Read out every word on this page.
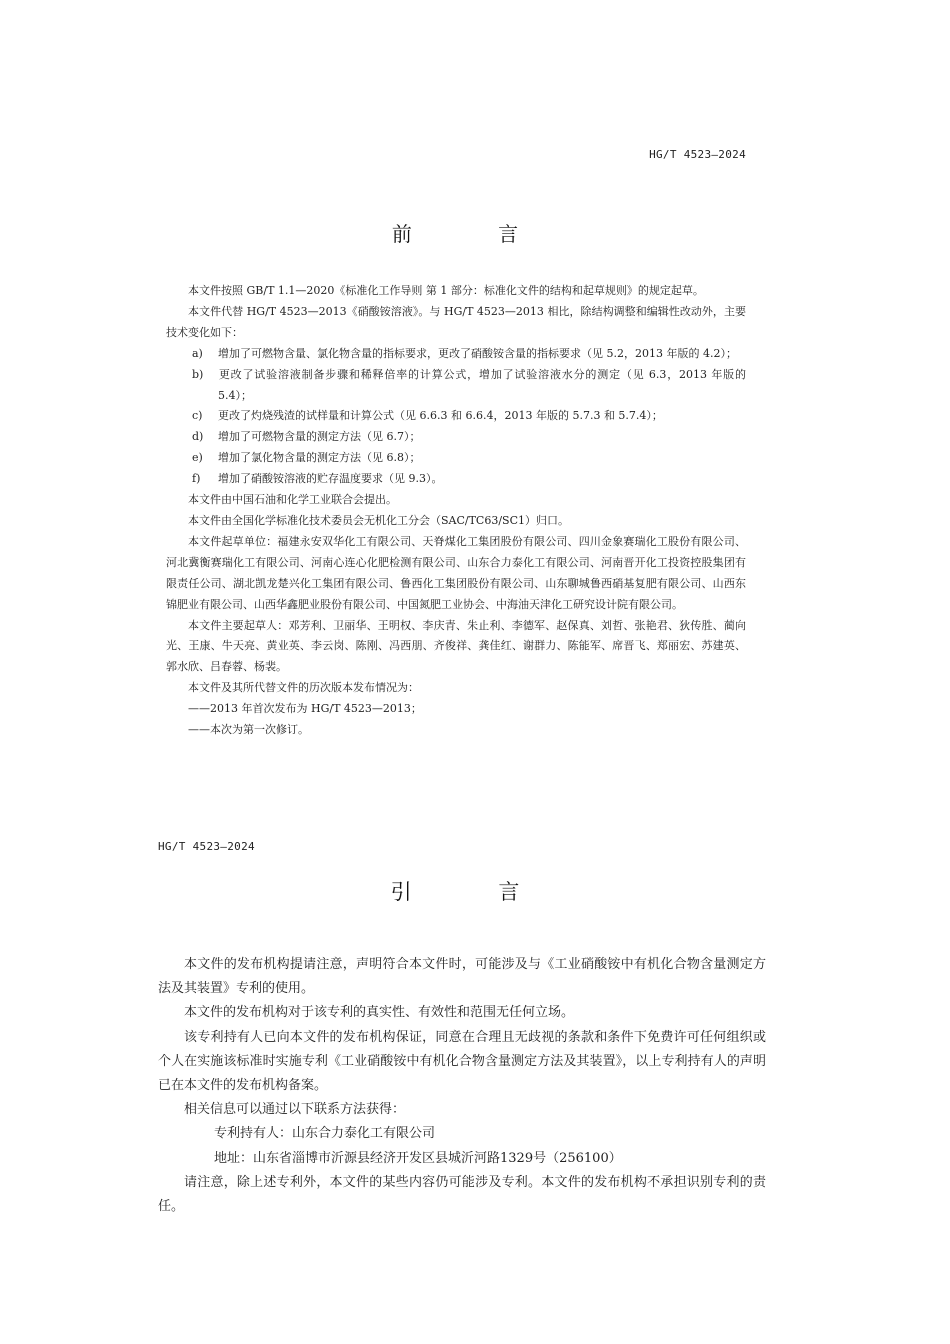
HG/T 4523—2024
前 言

本文件按照 GB/T 1.1—2020《标准化工作导则 第 1 部分：标准化文件的结构和起草规则》的规定起草。

本文件代替 HG/T 4523—2013《硝酸铵溶液》。与 HG/T 4523—2013 相比，除结构调整和编辑性改动外，主要技术变化如下：

a) 增加了可燃物含量、氯化物含量的指标要求，更改了硝酸铵含量的指标要求（见 5.2，2013 年版的 4.2）；

b) 更改了试验溶液制备步骤和稀释倍率的计算公式，增加了试验溶液水分的测定（见 6.3，2013 年版的 5.4）；

c) 更改了灼烧残渣的试样量和计算公式（见 6.6.3 和 6.6.4，2013 年版的 5.7.3 和 5.7.4）；

d) 增加了可燃物含量的测定方法（见 6.7）；

e) 增加了氯化物含量的测定方法（见 6.8）；

f) 增加了硝酸铵溶液的贮存温度要求（见 9.3）。

本文件由中国石油和化学工业联合会提出。

本文件由全国化学标准化技术委员会无机化工分会（SAC/TC63/SC1）归口。

本文件起草单位：福建永安双华化工有限公司、天脊煤化工集团股份有限公司、四川金象赛瑞化工股份有限公司、河北冀衡赛瑞化工有限公司、河南心连心化肥检测有限公司、山东合力泰化工有限公司、河南晋开化工投资控股集团有限责任公司、湖北凯龙楚兴化工集团有限公司、鲁西化工集团股份有限公司、山东聊城鲁西硝基复肥有限公司、山西东锦肥业有限公司、山西华鑫肥业股份有限公司、中国氮肥工业协会、中海油天津化工研究设计院有限公司。

本文件主要起草人：邓芳利、卫丽华、王明权、李庆青、朱止利、李德军、赵保真、刘哲、张艳君、狄传胜、蔺向光、王康、牛天亮、黄业英、李云岗、陈刚、冯西朋、齐俊祥、龚佳红、谢群力、陈能军、席晋飞、郑丽宏、苏建英、郭水欣、吕春蓉、杨裴。

本文件及其所代替文件的历次版本发布情况为：

——2013 年首次发布为 HG/T 4523—2013；

——本次为第一次修订。

HG/T 4523—2024
引 言

本文件的发布机构提请注意，声明符合本文件时，可能涉及与《工业硝酸铵中有机化合物含量测定方法及其装置》专利的使用。

本文件的发布机构对于该专利的真实性、有效性和范围无任何立场。

该专利持有人已向本文件的发布机构保证，同意在合理且无歧视的条款和条件下免费许可任何组织或个人在实施该标准时实施专利《工业硝酸铵中有机化合物含量测定方法及其装置》，以上专利持有人的声明已在本文件的发布机构备案。

相关信息可以通过以下联系方法获得：

专利持有人：山东合力泰化工有限公司

地址：山东省淄博市沂源县经济开发区县城沂河路1329号（256100）

请注意，除上述专利外，本文件的某些内容仍可能涉及专利。本文件的发布机构不承担识别专利的责任。
